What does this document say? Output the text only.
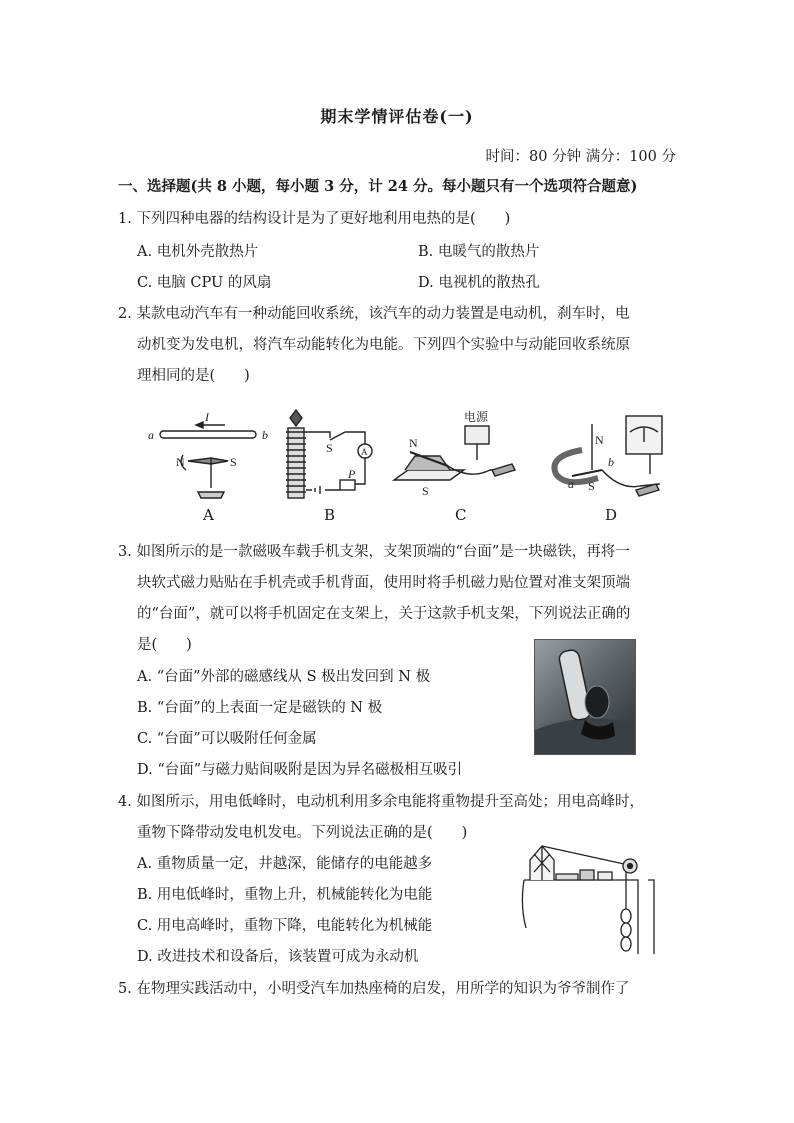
期末学情评估卷(一)
时间：80 分钟 满分：100 分
一、选择题(共 8 小题，每小题 3 分，计 24 分。每小题只有一个选项符合题意)
1. 下列四种电器的结构设计是为了更好地利用电热的是(　　)
A. 电机外壳散热片	B. 电暖气的散热片
C. 电脑 CPU 的风扇	D. 电视机的散热孔
2. 某款电动汽车有一种动能回收系统，该汽车的动力装置是电动机，刹车时，电
动机变为发电机，将汽车动能转化为电能。下列四个实验中与动能回收系统原
理相同的是(　　)
a	b
I
N	S
S	A
P
N
S
电源
N
S
a
b
A	B	C	D
3. 如图所示的是一款磁吸车载手机支架，支架顶端的“台面”是一块磁铁，再将一
块软式磁力贴贴在手机壳或手机背面，使用时将手机磁力贴位置对准支架顶端
的“台面”，就可以将手机固定在支架上，关于这款手机支架，下列说法正确的
是(　　)
A. “台面”外部的磁感线从 S 极出发回到 N 极
B. “台面”的上表面一定是磁铁的 N 极
C. “台面”可以吸附任何金属
D. “台面”与磁力贴间吸附是因为异名磁极相互吸引
4. 如图所示，用电低峰时，电动机利用多余电能将重物提升至高处；用电高峰时，
重物下降带动发电机发电。下列说法正确的是(　　)
A. 重物质量一定，井越深，能储存的电能越多
B. 用电低峰时，重物上升，机械能转化为电能
C. 用电高峰时，重物下降，电能转化为机械能
D. 改进技术和设备后，该装置可成为永动机
5. 在物理实践活动中，小明受汽车加热座椅的启发，用所学的知识为爷爷制作了
